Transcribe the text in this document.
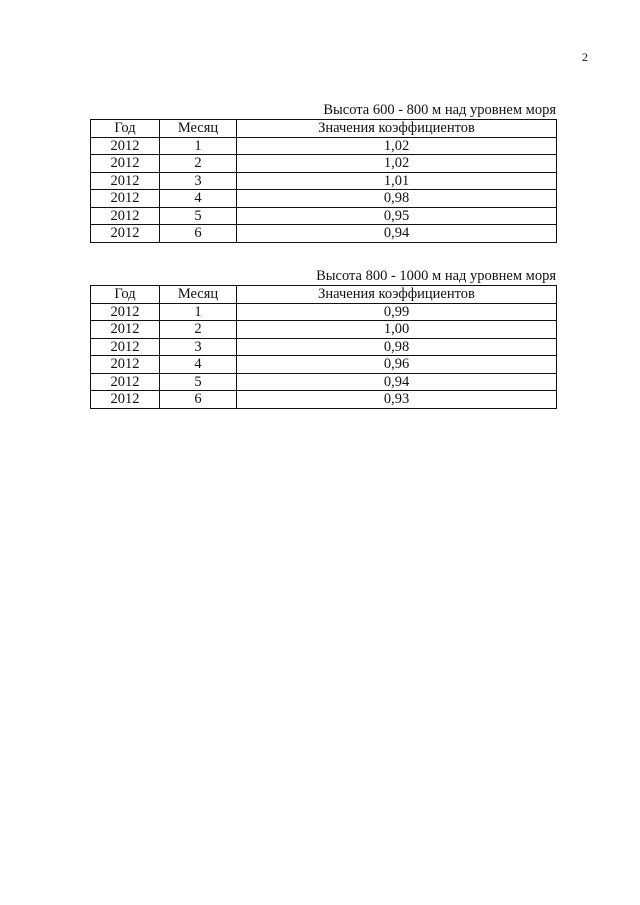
2
Высота 600 - 800 м над уровнем моря
Год	Месяц	Значения коэффициентов
2012	1	1,02
2012	2	1,02
2012	3	1,01
2012	4	0,98
2012	5	0,95
2012	6	0,94
Высота 800 - 1000 м над уровнем моря
Год	Месяц	Значения коэффициентов
2012	1	0,99
2012	2	1,00
2012	3	0,98
2012	4	0,96
2012	5	0,94
2012	6	0,93
